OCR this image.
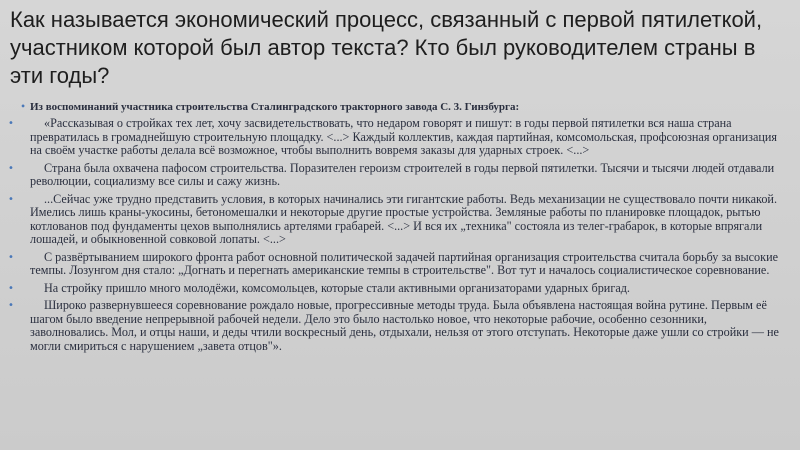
Как называется экономический процесс, связанный с первой пятилеткой, участником которой был автор текста? Кто был руководителем страны в эти годы?
• Из воспоминаний участника строительства Сталинградского тракторного завода С. 3. Гинзбурга:
•	«Рассказывая о стройках тех лет, хочу засвидетельствовать, что недаром говорят и пишут: в годы первой пятилетки вся наша страна превратилась в громаднейшую строительную площадку. <...> Каждый коллектив, каждая партийная, комсомольская, профсоюзная организация на своём участке работы делала всё возможное, чтобы выполнить вовремя заказы для ударных строек. <...>
•	Страна была охвачена пафосом строительства. Поразителен героизм строителей в годы первой пятилетки. Тысячи и тысячи людей отдавали революции, социализму все силы и сажу жизнь.
•	...Сейчас уже трудно представить условия, в которых начинались эти гигантские работы. Ведь механизации не существовало почти никакой. Имелись лишь краны-укосины, бетономешалки и некоторые другие простые устройства. Земляные работы по планировке площадок, рытью котлованов под фундаменты цехов выполнялись артелями грабарей. <...> И вся их „техника" состояла из телег-грабарок, в которые впрягали лошадей, и обыкновенной совковой лопаты. <...>
•	С развёртыванием широкого фронта работ основной политической задачей партийная организация строительства считала борьбу за высокие темпы. Лозунгом дня стало: „Догнать и перегнать американские темпы в строительстве". Вот тут и началось социалистическое соревнование.
•	На стройку пришло много молодёжи, комсомольцев, которые стали активными организаторами ударных бригад.
•	Широко развернувшееся соревнование рождало новые, прогрессивные методы труда. Была объявлена настоящая война рутине. Первым её шагом было введение непрерывной рабочей недели. Дело это было настолько новое, что некоторые рабочие, особенно сезонники, заволновались. Мол, и отцы наши, и деды чтили воскресный день, отдыхали, нельзя от этого отступать. Некоторые даже ушли со стройки — не могли смириться с нарушением „завета отцов"».
